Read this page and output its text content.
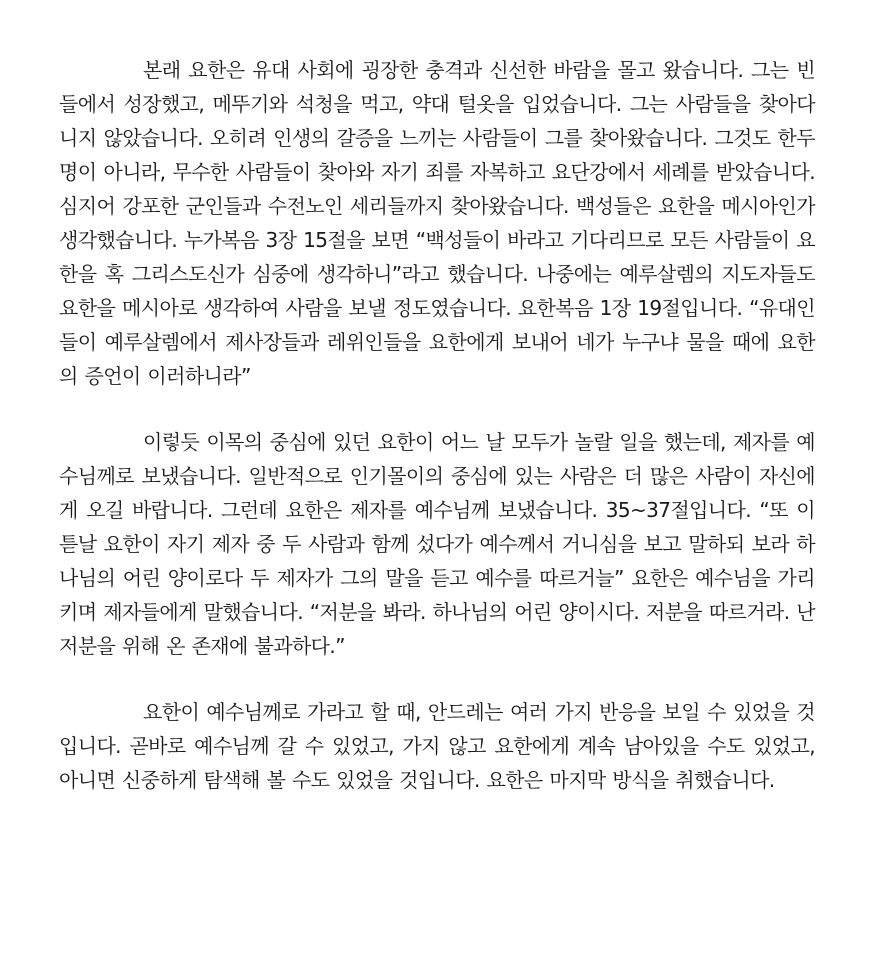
본래 요한은 유대 사회에 굉장한 충격과 신선한 바람을 몰고 왔습니다. 그는 빈 들에서 성장했고, 메뚜기와 석청을 먹고, 약대 털옷을 입었습니다. 그는 사람들을 찾아다니지 않았습니다. 오히려 인생의 갈증을 느끼는 사람들이 그를 찾아왔습니다. 그것도 한두 명이 아니라, 무수한 사람들이 찾아와 자기 죄를 자복하고 요단강에서 세례를 받았습니다. 심지어 강포한 군인들과 수전노인 세리들까지 찾아왔습니다. 백성들은 요한을 메시아인가 생각했습니다. 누가복음 3장 15절을 보면 “백성들이 바라고 기다리므로 모든 사람들이 요한을 혹 그리스도신가 심중에 생각하니”라고 했습니다. 나중에는 예루살렘의 지도자들도 요한을 메시아로 생각하여 사람을 보낼 정도였습니다. 요한복음 1장 19절입니다. “유대인들이 예루살렘에서 제사장들과 레위인들을 요한에게 보내어 네가 누구냐 물을 때에 요한의 증언이 이러하니라”

이렇듯 이목의 중심에 있던 요한이 어느 날 모두가 놀랄 일을 했는데, 제자를 예수님께로 보냈습니다. 일반적으로 인기몰이의 중심에 있는 사람은 더 많은 사람이 자신에게 오길 바랍니다. 그런데 요한은 제자를 예수님께 보냈습니다. 35~37절입니다. “또 이튿날 요한이 자기 제자 중 두 사람과 함께 섰다가 예수께서 거니심을 보고 말하되 보라 하나님의 어린 양이로다 두 제자가 그의 말을 듣고 예수를 따르거늘” 요한은 예수님을 가리키며 제자들에게 말했습니다. “저분을 봐라. 하나님의 어린 양이시다. 저분을 따르거라. 난 저분을 위해 온 존재에 불과하다.”

요한이 예수님께로 가라고 할 때, 안드레는 여러 가지 반응을 보일 수 있었을 것입니다. 곧바로 예수님께 갈 수 있었고, 가지 않고 요한에게 계속 남아있을 수도 있었고, 아니면 신중하게 탐색해 볼 수도 있었을 것입니다. 요한은 마지막 방식을 취했습니다.
